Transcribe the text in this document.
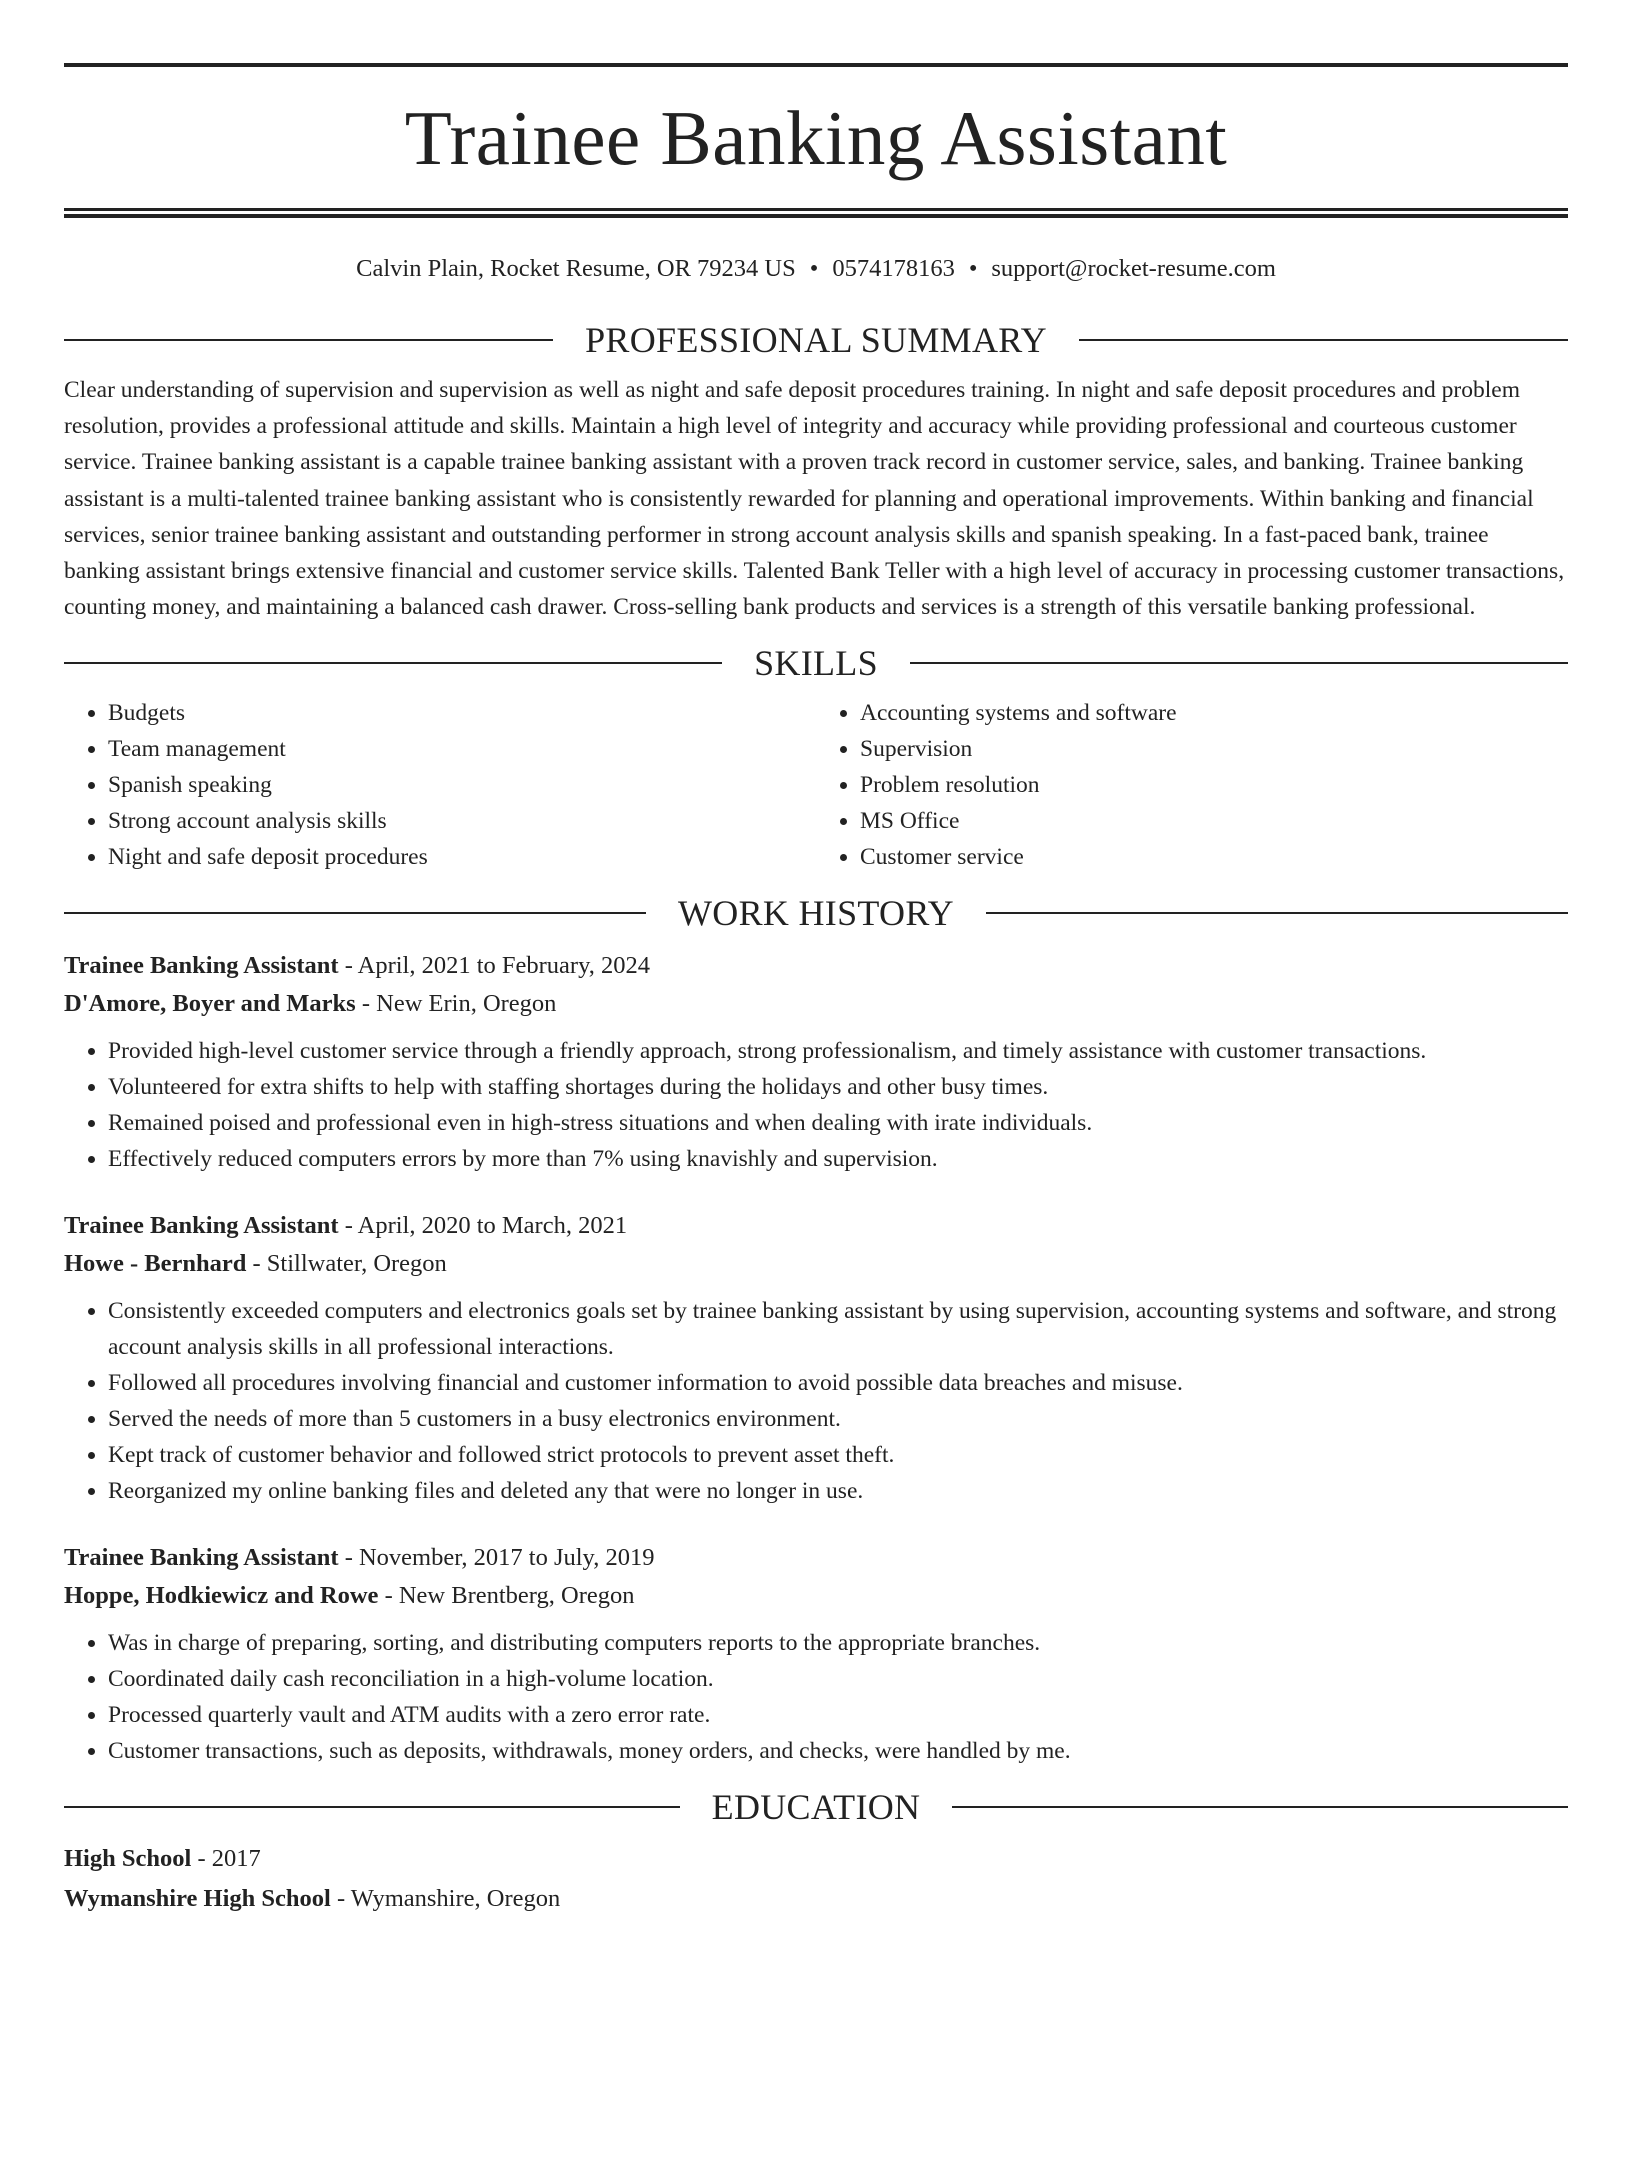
Trainee Banking Assistant
Calvin Plain, Rocket Resume, OR 79234 US • 0574178163 • support@rocket-resume.com
PROFESSIONAL SUMMARY

Clear understanding of supervision and supervision as well as night and safe deposit procedures training. In night and safe deposit procedures and problem resolution, provides a professional attitude and skills. Maintain a high level of integrity and accuracy while providing professional and courteous customer service. Trainee banking assistant is a capable trainee banking assistant with a proven track record in customer service, sales, and banking. Trainee banking assistant is a multi-talented trainee banking assistant who is consistently rewarded for planning and operational improvements. Within banking and financial services, senior trainee banking assistant and outstanding performer in strong account analysis skills and spanish speaking. In a fast-paced bank, trainee banking assistant brings extensive financial and customer service skills. Talented Bank Teller with a high level of accuracy in processing customer transactions, counting money, and maintaining a balanced cash drawer. Cross-selling bank products and services is a strength of this versatile banking professional.

SKILLS
• Budgets
• Team management
• Spanish speaking
• Strong account analysis skills
• Night and safe deposit procedures
• Accounting systems and software
• Supervision
• Problem resolution
• MS Office
• Customer service
WORK HISTORY
Trainee Banking Assistant - April, 2021 to February, 2024
D'Amore, Boyer and Marks - New Erin, Oregon
• Provided high-level customer service through a friendly approach, strong professionalism, and timely assistance with customer transactions.
• Volunteered for extra shifts to help with staffing shortages during the holidays and other busy times.
• Remained poised and professional even in high-stress situations and when dealing with irate individuals.
• Effectively reduced computers errors by more than 7% using knavishly and supervision.
Trainee Banking Assistant - April, 2020 to March, 2021
Howe - Bernhard - Stillwater, Oregon
• Consistently exceeded computers and electronics goals set by trainee banking assistant by using supervision, accounting systems and software, and strong account analysis skills in all professional interactions.
• Followed all procedures involving financial and customer information to avoid possible data breaches and misuse.
• Served the needs of more than 5 customers in a busy electronics environment.
• Kept track of customer behavior and followed strict protocols to prevent asset theft.
• Reorganized my online banking files and deleted any that were no longer in use.
Trainee Banking Assistant - November, 2017 to July, 2019
Hoppe, Hodkiewicz and Rowe - New Brentberg, Oregon
• Was in charge of preparing, sorting, and distributing computers reports to the appropriate branches.
• Coordinated daily cash reconciliation in a high-volume location.
• Processed quarterly vault and ATM audits with a zero error rate.
• Customer transactions, such as deposits, withdrawals, money orders, and checks, were handled by me.
EDUCATION
High School - 2017
Wymanshire High School - Wymanshire, Oregon
